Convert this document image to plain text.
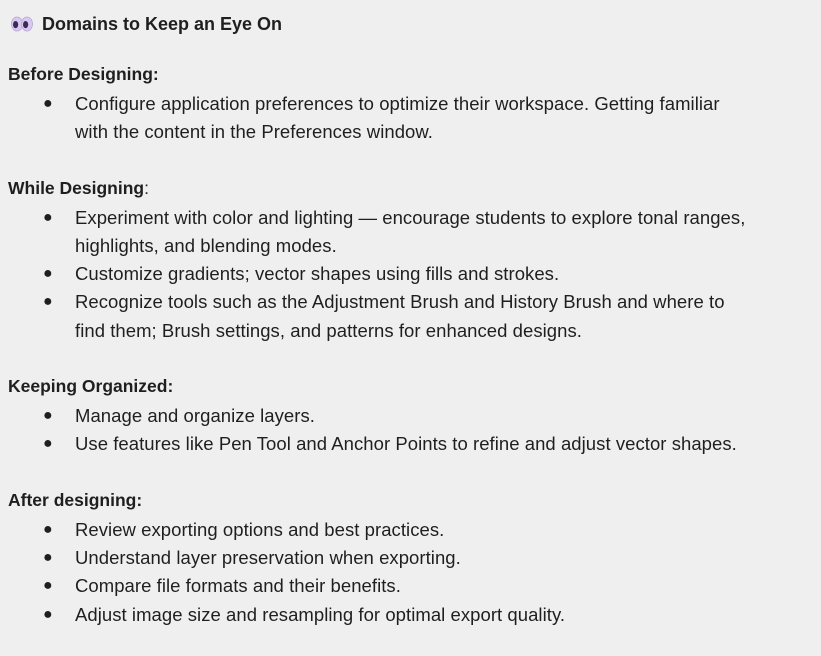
Domains to Keep an Eye On
Before Designing:
● Configure application preferences to optimize their workspace. Getting familiar
with the content in the Preferences window.
While Designing:
● Experiment with color and lighting — encourage students to explore tonal ranges,
highlights, and blending modes.
● Customize gradients; vector shapes using fills and strokes.
● Recognize tools such as the Adjustment Brush and History Brush and where to
find them; Brush settings, and patterns for enhanced designs.
Keeping Organized:
● Manage and organize layers.
● Use features like Pen Tool and Anchor Points to refine and adjust vector shapes.
After designing:
● Review exporting options and best practices.
● Understand layer preservation when exporting.
● Compare file formats and their benefits.
● Adjust image size and resampling for optimal export quality.
